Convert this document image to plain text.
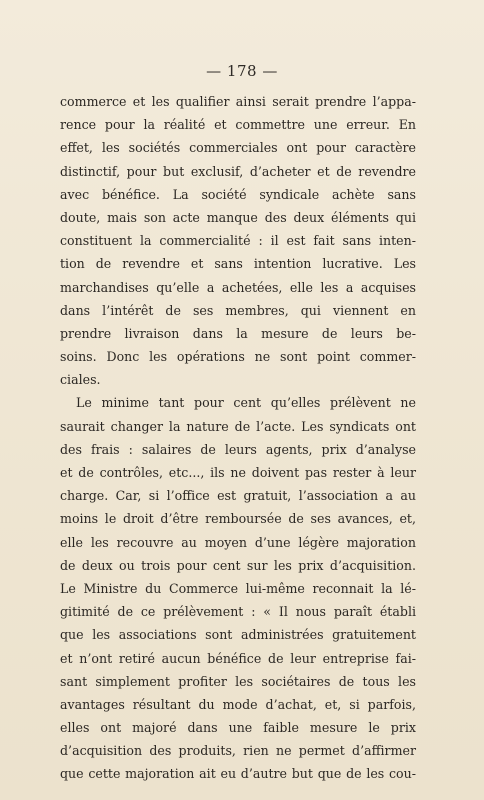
— 178 —
commerce et les qualifier ainsi serait prendre l’appa-
rence pour la réalité et commettre une erreur. En
effet, les sociétés commerciales ont pour caractère
distinctif, pour but exclusif, d’acheter et de revendre
avec bénéfice. La société syndicale achète sans
doute, mais son acte manque des deux éléments qui
constituent la commercialité : il est fait sans inten-
tion de revendre et sans intention lucrative. Les
marchandises qu’elle a achetées, elle les a acquises
dans l’intérêt de ses membres, qui viennent en
prendre livraison dans la mesure de leurs be-
soins. Donc les opérations ne sont point commer-
ciales.
Le minime tant pour cent qu’elles prélèvent ne
saurait changer la nature de l’acte. Les syndicats ont
des frais : salaires de leurs agents, prix d’analyse
et de contrôles, etc..., ils ne doivent pas rester à leur
charge. Car, si l’office est gratuit, l’association a au
moins le droit d’être remboursée de ses avances, et,
elle les recouvre au moyen d’une légère majoration
de deux ou trois pour cent sur les prix d’acquisition.
Le Ministre du Commerce lui-même reconnait la lé-
gitimité de ce prélèvement : « Il nous paraît établi
que les associations sont administrées gratuitement
et n’ont retiré aucun bénéfice de leur entreprise fai-
sant simplement profiter les sociétaires de tous les
avantages résultant du mode d’achat, et, si parfois,
elles ont majoré dans une faible mesure le prix
d’acquisition des produits, rien ne permet d’affirmer
que cette majoration ait eu d’autre but que de les cou-
